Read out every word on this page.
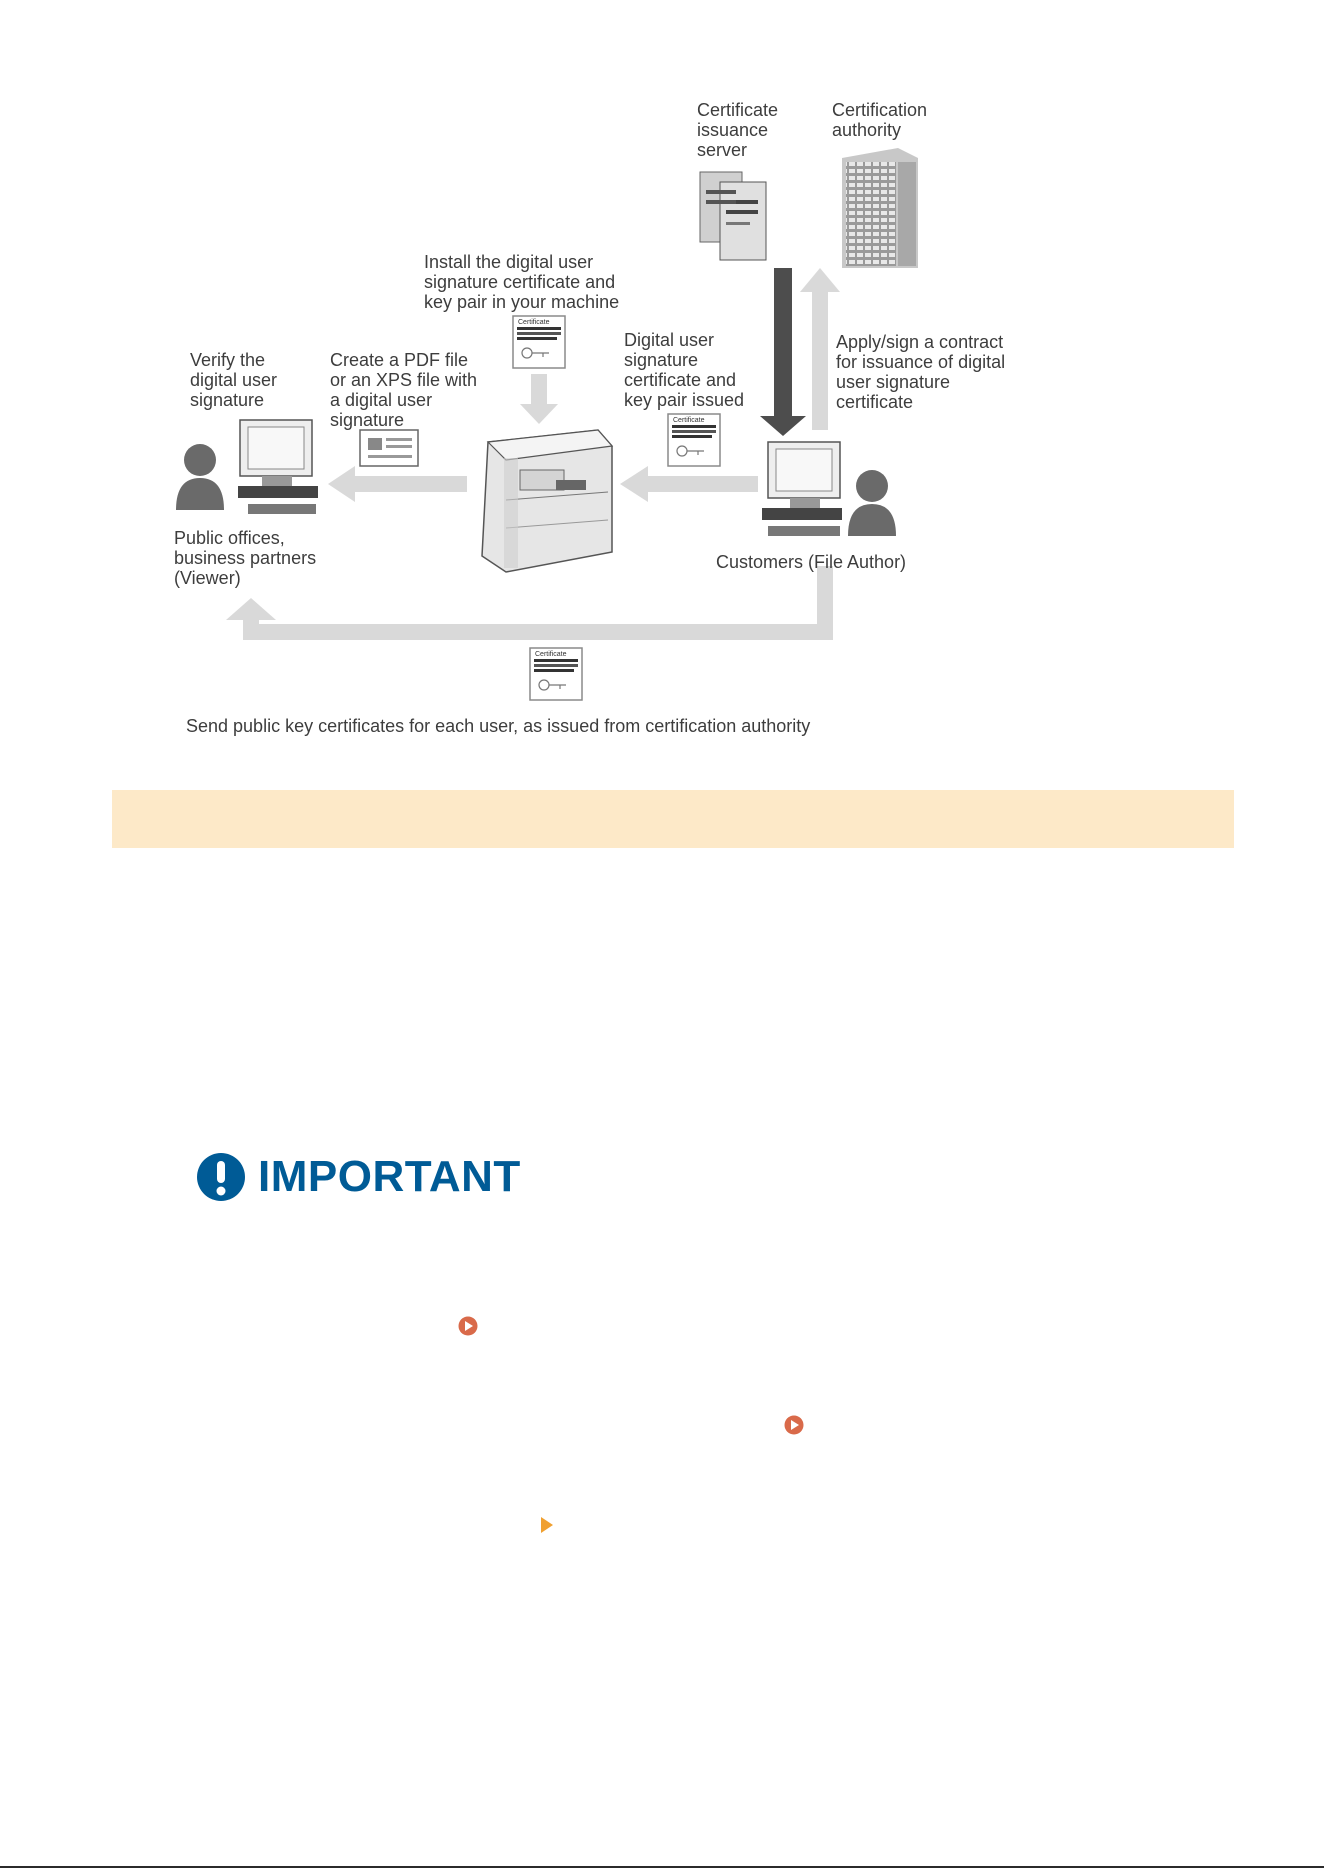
Certificate
Certificate
Certificate
Certificate
issuance
server
Certification
authority
Install the digital user
signature certificate and
key pair in your machine
Verify the
digital user
signature
Create a PDF file
or an XPS file with
a digital user
signature
Digital user
signature
certificate and
key pair issued
Apply/sign a contract
for issuance of digital
user signature
certificate
Public offices,
business partners
(Viewer)
Customers (File Author)
Send public key certificates for each user, as issued from certification authority
IMPORTANT
